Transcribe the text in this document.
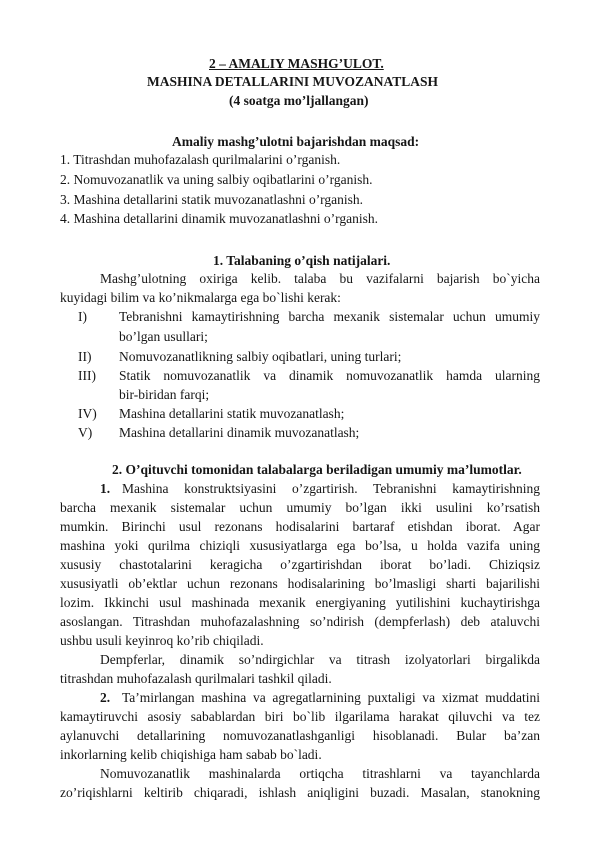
2 – AMALIY MASHG’ULOT.
MASHINA DETALLARINI MUVOZANATLASH
(4 soatga mo’ljallangan)
Amaliy mashg’ulotni bajarishdan maqsad:
1. Titrashdan muhofazalash qurilmalarini o’rganish.
2. Nomuvozanatlik va uning salbiy oqibatlarini o’rganish.
3. Mashina detallarini statik muvozanatlashni o’rganish.
4. Mashina detallarini dinamik muvozanatlashni o’rganish.
1. Talabaning o’qish natijalari.
Mashg’ulotning oxiriga kelib. talaba bu vazifalarni bajarish bo`yicha
kuyidagi bilim va ko’nikmalarga ega bo`lishi kerak:
I) Tebranishni kamaytirishning barcha mexanik sistemalar uchun umumiy
bo’lgan usullari;
II) Nomuvozanatlikning salbiy oqibatlari, uning turlari;
III) Statik nomuvozanatlik va dinamik nomuvozanatlik hamda ularning
bir-biridan farqi;
IV) Mashina detallarini statik muvozanatlash;
V) Mashina detallarini dinamik muvozanatlash;
2. O’qituvchi tomonidan talabalarga beriladigan umumiy ma’lumotlar.
1. Mashina konstruktsiyasini o’zgartirish. Tebranishni kamaytirishning
barcha mexanik sistemalar uchun umumiy bo’lgan ikki usulini ko’rsatish
mumkin. Birinchi usul rezonans hodisalarini bartaraf etishdan iborat. Agar
mashina yoki qurilma chiziqli xususiyatlarga ega bo’lsa, u holda vazifa uning
xususiy chastotalarini keragicha o’zgartirishdan iborat bo’ladi. Chiziqsiz
xususiyatli ob’ektlar uchun rezonans hodisalarining bo’lmasligi sharti bajarilishi
lozim. Ikkinchi usul mashinada mexanik energiyaning yutilishini kuchaytirishga
asoslangan. Titrashdan muhofazalashning so’ndirish (dempferlash) deb ataluvchi
ushbu usuli keyinroq ko’rib chiqiladi.
Dempferlar, dinamik so’ndirgichlar va titrash izolyatorlari birgalikda
titrashdan muhofazalash qurilmalari tashkil qiladi.
2. Ta’mirlangan mashina va agregatlarnining puxtaligi va xizmat muddatini
kamaytiruvchi asosiy sabablardan biri bo`lib ilgarilama harakat qiluvchi va tez
aylanuvchi detallarining nomuvozanatlashganligi hisoblanadi. Bular ba’zan
inkorlarning kelib chiqishiga ham sabab bo`ladi.
Nomuvozanatlik mashinalarda ortiqcha titrashlarni va tayanchlarda
zo’riqishlarni keltirib chiqaradi, ishlash aniqligini buzadi. Masalan, stanokning
